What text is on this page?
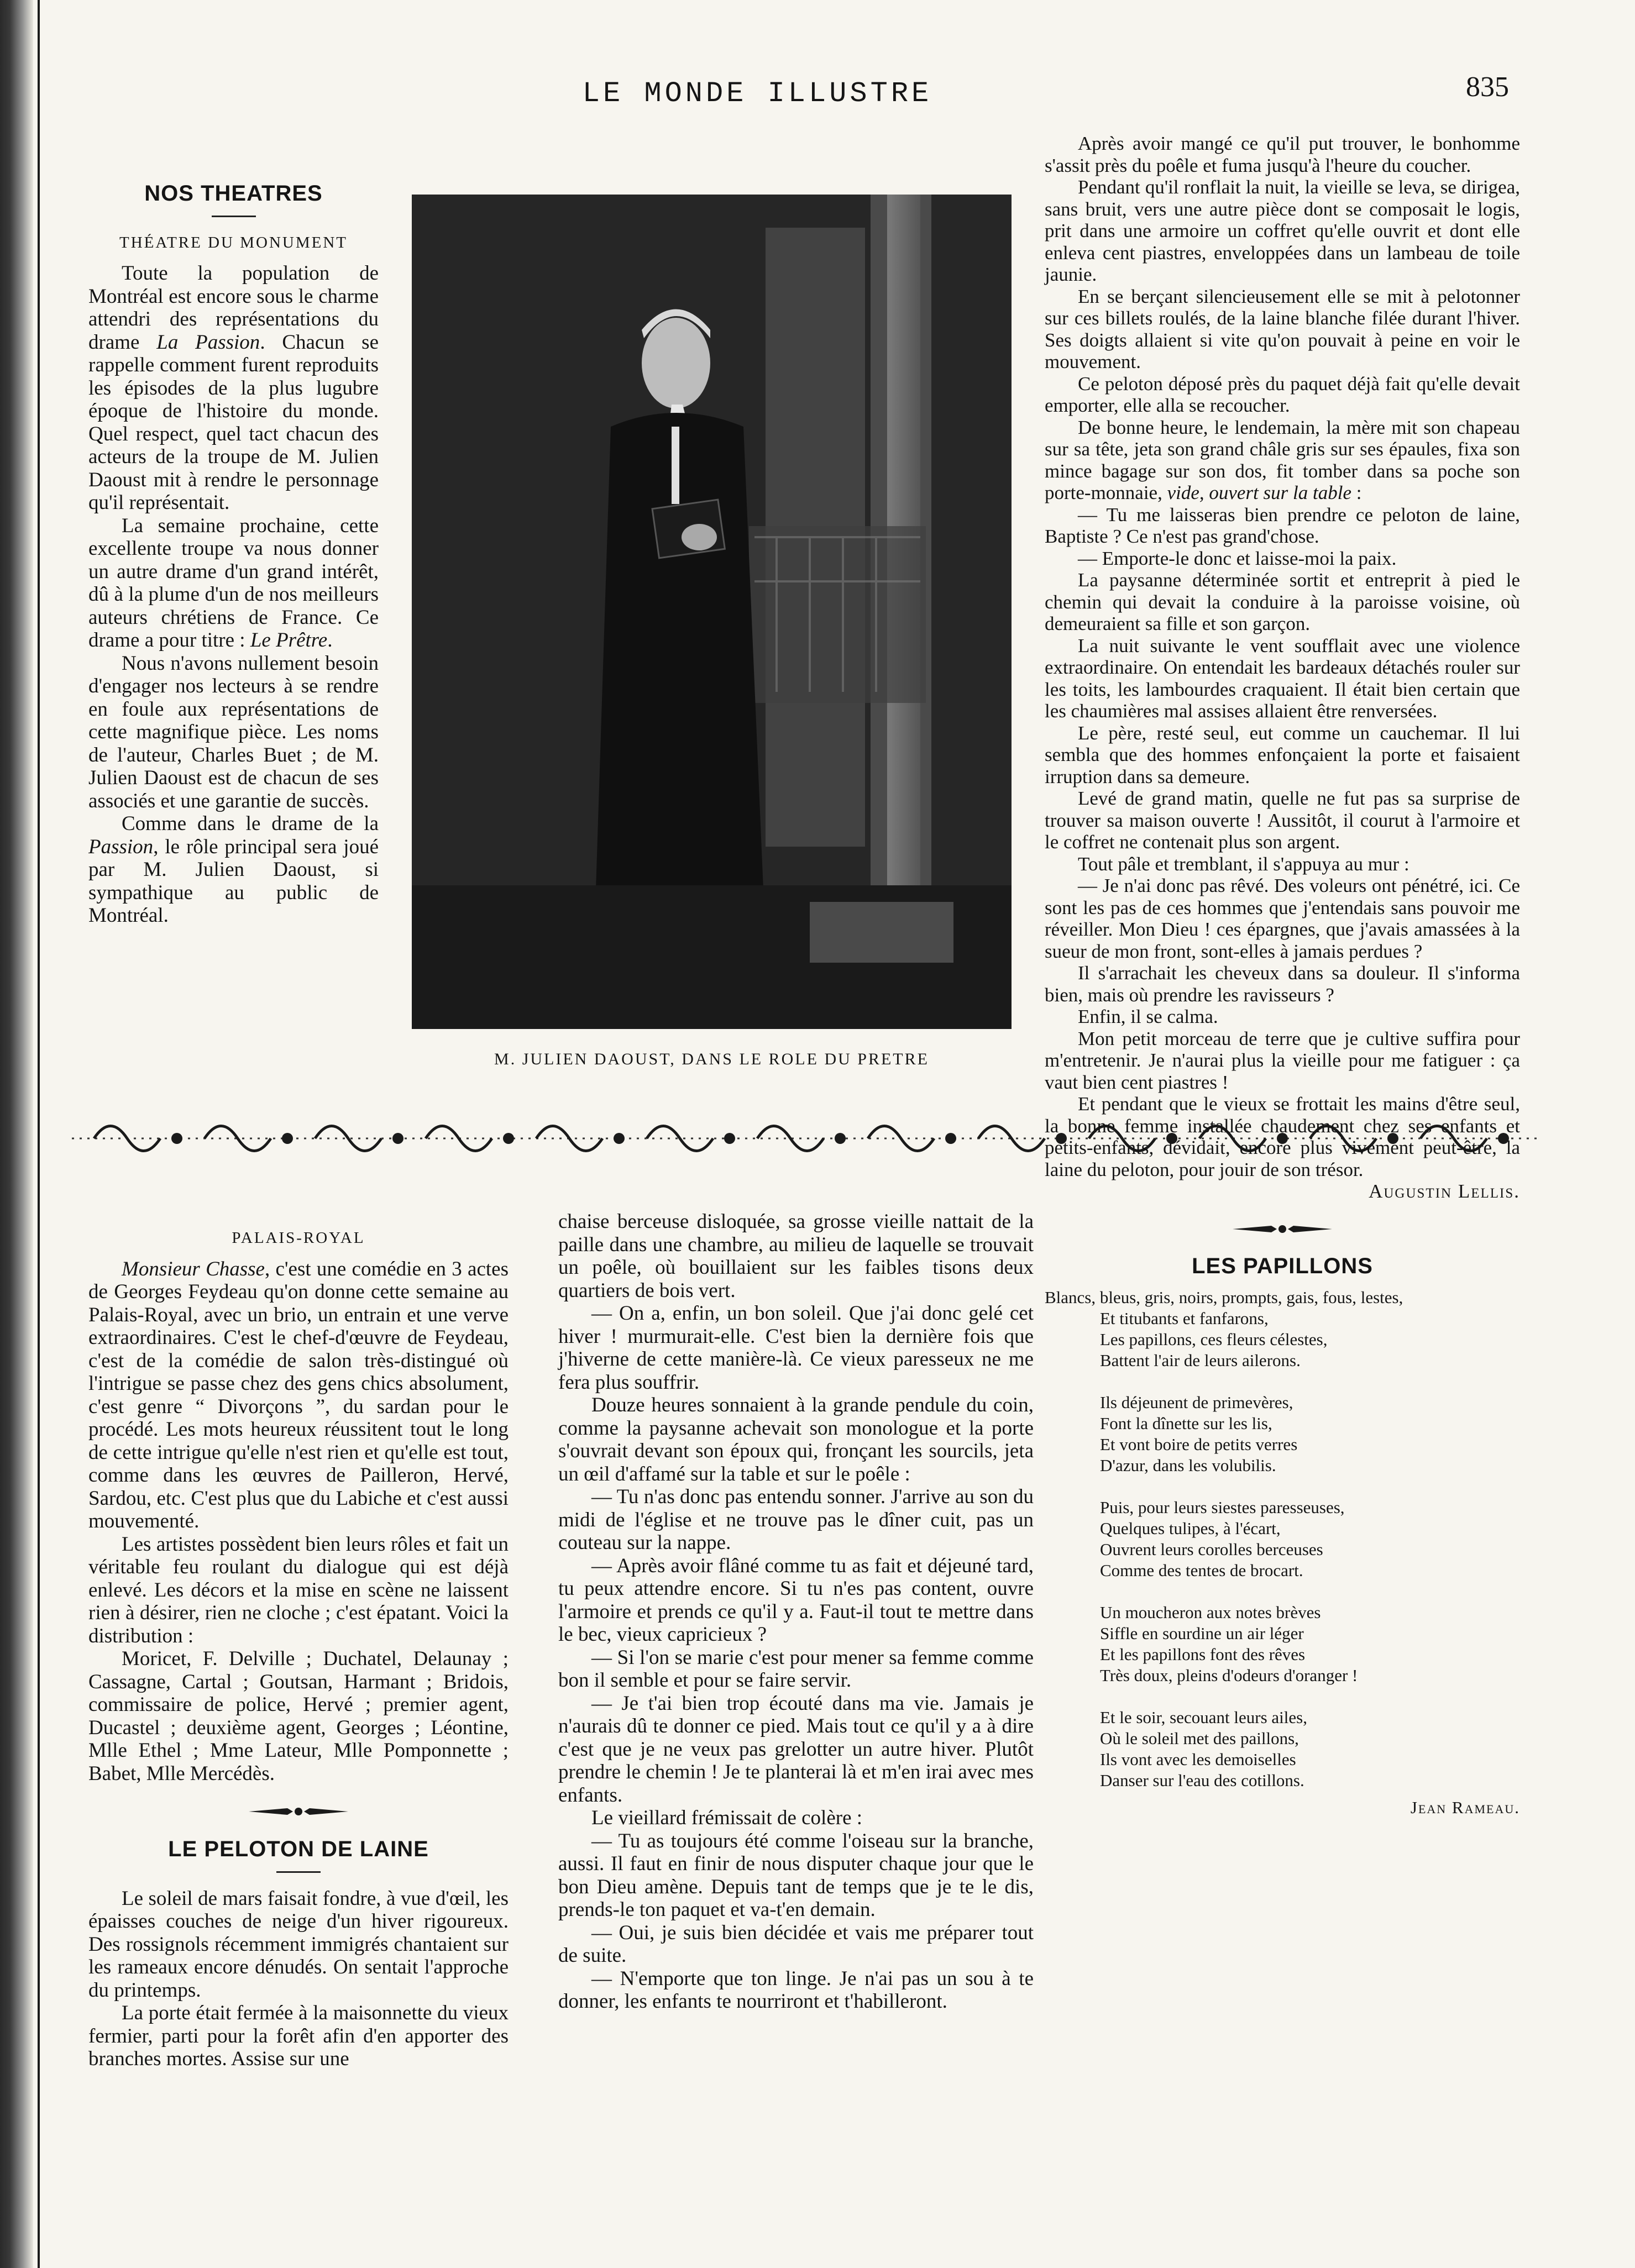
LE MONDE ILLUSTRE	835
NOS THEATRES
THÉATRE DU MONUMENT

Toute la population de Montréal est encore sous le charme attendri des représentations du drame La Passion. Chacun se rappelle comment furent reproduits les épisodes de la plus lugubre époque de l'histoire du monde. Quel respect, quel tact chacun des acteurs de la troupe de M. Julien Daoust mit à rendre le personnage qu'il représentait.

La semaine prochaine, cette excellente troupe va nous donner un autre drame d'un grand intérêt, dû à la plume d'un de nos meilleurs auteurs chrétiens de France. Ce drame a pour titre : Le Prêtre.

Nous n'avons nullement besoin d'engager nos lecteurs à se rendre en foule aux représentations de cette magnifique pièce. Les noms de l'auteur, Charles Buet ; de M. Julien Daoust est de chacun de ses associés et une garantie de succès.

Comme dans le drame de la Passion, le rôle principal sera joué par M. Julien Daoust, si sympathique au public de Montréal.

M. JULIEN DAOUST, DANS LE ROLE DU PRETRE
PALAIS-ROYAL

Monsieur Chasse, c'est une comédie en 3 actes de Georges Feydeau qu'on donne cette semaine au Palais-Royal, avec un brio, un entrain et une verve extraordinaires. C'est le chef-d'œuvre de Feydeau, c'est de la comédie de salon très-distingué où l'intrigue se passe chez des gens chics absolument, c'est genre “ Divorçons ”, du sardan pour le procédé. Les mots heureux réussitent tout le long de cette intrigue qu'elle n'est rien et qu'elle est tout, comme dans les œuvres de Pailleron, Hervé, Sardou, etc. C'est plus que du Labiche et c'est aussi mouvementé.

Les artistes possèdent bien leurs rôles et fait un véritable feu roulant du dialogue qui est déjà enlevé. Les décors et la mise en scène ne laissent rien à désirer, rien ne cloche ; c'est épatant. Voici la distribution :

Moricet, F. Delville ; Duchatel, Delaunay ; Cassagne, Cartal ; Goutsan, Harmant ; Bridois, commissaire de police, Hervé ; premier agent, Ducastel ; deuxième agent, Georges ; Léontine, Mlle Ethel ; Mme Lateur, Mlle Pomponnette ; Babet, Mlle Mercédès.

LE PELOTON DE LAINE

Le soleil de mars faisait fondre, à vue d'œil, les épaisses couches de neige d'un hiver rigoureux. Des rossignols récemment immigrés chantaient sur les rameaux encore dénudés. On sentait l'approche du printemps.

La porte était fermée à la maisonnette du vieux fermier, parti pour la forêt afin d'en apporter des branches mortes. Assise sur une

chaise berceuse disloquée, sa grosse vieille nattait de la paille dans une chambre, au milieu de laquelle se trouvait un poêle, où bouillaient sur les faibles tisons deux quartiers de bois vert.

— On a, enfin, un bon soleil. Que j'ai donc gelé cet hiver ! murmurait-elle. C'est bien la dernière fois que j'hiverne de cette manière-là. Ce vieux paresseux ne me fera plus souffrir.

Douze heures sonnaient à la grande pendule du coin, comme la paysanne achevait son monologue et la porte s'ouvrait devant son époux qui, fronçant les sourcils, jeta un œil d'affamé sur la table et sur le poêle :

— Tu n'as donc pas entendu sonner. J'arrive au son du midi de l'église et ne trouve pas le dîner cuit, pas un couteau sur la nappe.

— Après avoir flâné comme tu as fait et déjeuné tard, tu peux attendre encore. Si tu n'es pas content, ouvre l'armoire et prends ce qu'il y a. Faut-il tout te mettre dans le bec, vieux capricieux ?

— Si l'on se marie c'est pour mener sa femme comme bon il semble et pour se faire servir.

— Je t'ai bien trop écouté dans ma vie. Jamais je n'aurais dû te donner ce pied. Mais tout ce qu'il y a à dire c'est que je ne veux pas grelotter un autre hiver. Plutôt prendre le chemin ! Je te planterai là et m'en irai avec mes enfants.

Le vieillard frémissait de colère :

— Tu as toujours été comme l'oiseau sur la branche, aussi. Il faut en finir de nous disputer chaque jour que le bon Dieu amène. Depuis tant de temps que je te le dis, prends-le ton paquet et va-t'en demain.

— Oui, je suis bien décidée et vais me préparer tout de suite.

— N'emporte que ton linge. Je n'ai pas un sou à te donner, les enfants te nourriront et t'habilleront.

Après avoir mangé ce qu'il put trouver, le bonhomme s'assit près du poêle et fuma jusqu'à l'heure du coucher.

Pendant qu'il ronflait la nuit, la vieille se leva, se dirigea, sans bruit, vers une autre pièce dont se composait le logis, prit dans une armoire un coffret qu'elle ouvrit et dont elle enleva cent piastres, enveloppées dans un lambeau de toile jaunie.

En se berçant silencieusement elle se mit à pelotonner sur ces billets roulés, de la laine blanche filée durant l'hiver. Ses doigts allaient si vite qu'on pouvait à peine en voir le mouvement.

Ce peloton déposé près du paquet déjà fait qu'elle devait emporter, elle alla se recoucher.

De bonne heure, le lendemain, la mère mit son chapeau sur sa tête, jeta son grand châle gris sur ses épaules, fixa son mince bagage sur son dos, fit tomber dans sa poche son porte-monnaie, vide, ouvert sur la table :

— Tu me laisseras bien prendre ce peloton de laine, Baptiste ? Ce n'est pas grand'chose.

— Emporte-le donc et laisse-moi la paix.

La paysanne déterminée sortit et entreprit à pied le chemin qui devait la conduire à la paroisse voisine, où demeuraient sa fille et son garçon.

La nuit suivante le vent soufflait avec une violence extraordinaire. On entendait les bardeaux détachés rouler sur les toits, les lambourdes craquaient. Il était bien certain que les chaumières mal assises allaient être renversées.

Le père, resté seul, eut comme un cauchemar. Il lui sembla que des hommes enfonçaient la porte et faisaient irruption dans sa demeure.

Levé de grand matin, quelle ne fut pas sa surprise de trouver sa maison ouverte ! Aussitôt, il courut à l'armoire et le coffret ne contenait plus son argent.

Tout pâle et tremblant, il s'appuya au mur :

— Je n'ai donc pas rêvé. Des voleurs ont pénétré, ici. Ce sont les pas de ces hommes que j'entendais sans pouvoir me réveiller. Mon Dieu ! ces épargnes, que j'avais amassées à la sueur de mon front, sont-elles à jamais perdues ?

Il s'arrachait les cheveux dans sa douleur. Il s'informa bien, mais où prendre les ravisseurs ?

Enfin, il se calma.

Mon petit morceau de terre que je cultive suffira pour m'entretenir. Je n'aurai plus la vieille pour me fatiguer : ça vaut bien cent piastres !

Et pendant que le vieux se frottait les mains d'être seul, la bonne femme installée chaudement chez ses enfants et petits-enfants, dévidait, encore plus vivement peut-être, la laine du peloton, pour jouir de son trésor.

Augustin Lellis.
LES PAPILLONS

Blancs, bleus, gris, noirs, prompts, gais, fous, lestes,
Et titubants et fanfarons,
Les papillons, ces fleurs célestes,
Battent l'air de leurs ailerons.

Ils déjeunent de primevères,
Font la dînette sur les lis,
Et vont boire de petits verres
D'azur, dans les volubilis.

Puis, pour leurs siestes paresseuses,
Quelques tulipes, à l'écart,
Ouvrent leurs corolles berceuses
Comme des tentes de brocart.

Un moucheron aux notes brèves
Siffle en sourdine un air léger
Et les papillons font des rêves
Très doux, pleins d'odeurs d'oranger !

Et le soir, secouant leurs ailes,
Où le soleil met des paillons,
Ils vont avec les demoiselles
Danser sur l'eau des cotillons.

Jean Rameau.
